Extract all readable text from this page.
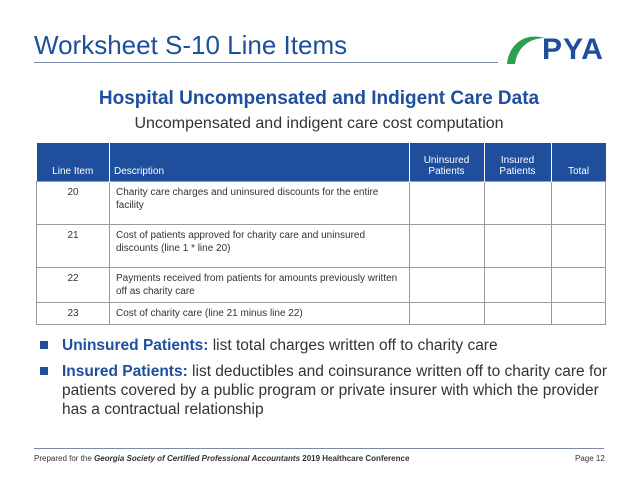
Worksheet S-10 Line Items	PYA
Hospital Uncompensated and Indigent Care Data
Uncompensated and indigent care cost computation
Line Item	Description	Uninsured Patients	Insured Patients	Total
20	Charity care charges and uninsured discounts for the entire facility			
21	Cost of patients approved for charity care and uninsured discounts (line 1 * line 20)			
22	Payments received from patients for amounts previously written off as charity care			
23	Cost of charity care (line 21 minus line 22)			
Uninsured Patients: list total charges written off to charity care
Insured Patients: list deductibles and coinsurance written off to charity care for patients covered by a public program or private insurer with which the provider has a contractual relationship
Prepared for the Georgia Society of Certified Professional Accountants 2019 Healthcare Conference	Page 12
